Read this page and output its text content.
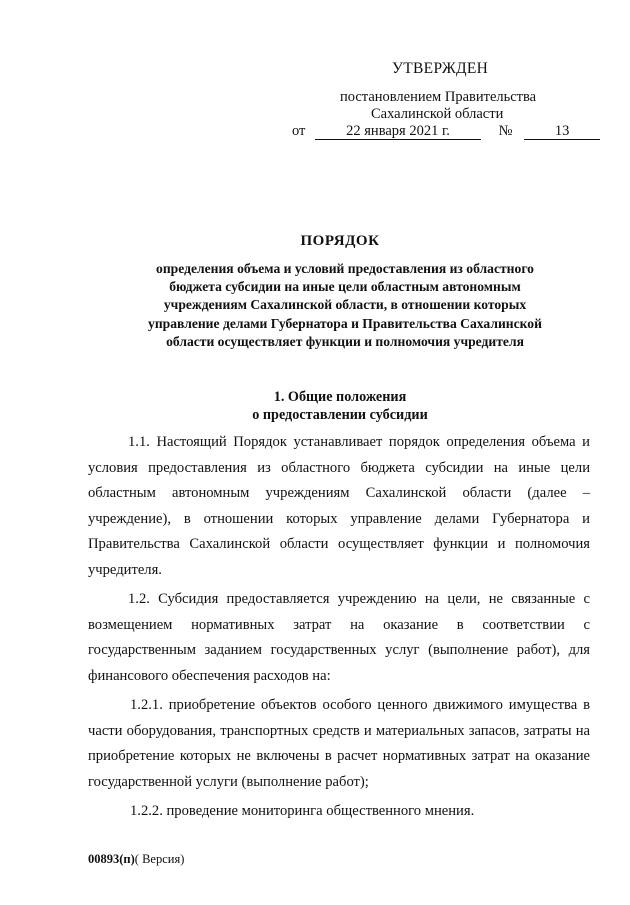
УТВЕРЖДЕН
постановлением Правительства
Сахалинской области
от	22 января 2021 г.	№	13
ПОРЯДОК
определения объема и условий предоставления из областного бюджета субсидии на иные цели областным автономным учреждениям Сахалинской области, в отношении которых управление делами Губернатора и Правительства Сахалинской области осуществляет функции и полномочия учредителя
1. Общие положения
о предоставлении субсидии

1.1. Настоящий Порядок устанавливает порядок определения объема и условия предоставления из областного бюджета субсидии на иные цели областным автономным учреждениям Сахалинской области (далее – учреждение), в отношении которых управление делами Губернатора и Правительства Сахалинской области осуществляет функции и полномочия учредителя.

1.2. Субсидия предоставляется учреждению на цели, не связанные с возмещением нормативных затрат на оказание в соответствии с государственным заданием государственных услуг (выполнение работ), для финансового обеспечения расходов на:

1.2.1. приобретение объектов особого ценного движимого имущества в части оборудования, транспортных средств и материальных запасов, затраты на приобретение которых не включены в расчет нормативных затрат на оказание государственной услуги (выполнение работ);

1.2.2. проведение мониторинга общественного мнения.

00893(п)( Версия)
